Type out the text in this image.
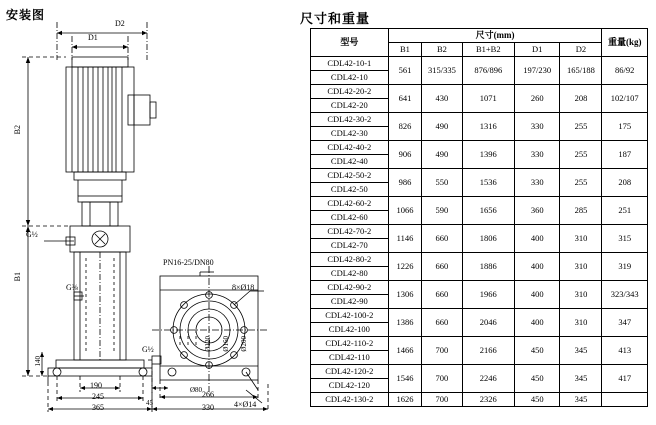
安装图
D2
D1
B2
B1
G½
G⅜
G½
PN16-25/DN80
8×Ø18
Ø120 Ø160 Ø200
Ø80
4×Ø14
45
140
190
245
365
266
330
尺寸和重量
型号	尺寸(mm)					重量(kg)
	B1	B2	B1+B2	D1	D2	
CDL42-10-1	561	315/335	876/896	197/230	165/188	86/92
CDL42-10						
CDL42-20-2	641	430	1071	260	208	102/107
CDL42-20						
CDL42-30-2	826	490	1316	330	255	175
CDL42-30						
CDL42-40-2	906	490	1396	330	255	187
CDL42-40						
CDL42-50-2	986	550	1536	330	255	208
CDL42-50						
CDL42-60-2	1066	590	1656	360	285	251
CDL42-60						
CDL42-70-2	1146	660	1806	400	310	315
CDL42-70						
CDL42-80-2	1226	660	1886	400	310	319
CDL42-80						
CDL42-90-2	1306	660	1966	400	310	323/343
CDL42-90						
CDL42-100-2	1386	660	2046	400	310	347
CDL42-100						
CDL42-110-2	1466	700	2166	450	345	413
CDL42-110						
CDL42-120-2	1546	700	2246	450	345	417
CDL42-120						
CDL42-130-2	1626	700	2326	450	345	
